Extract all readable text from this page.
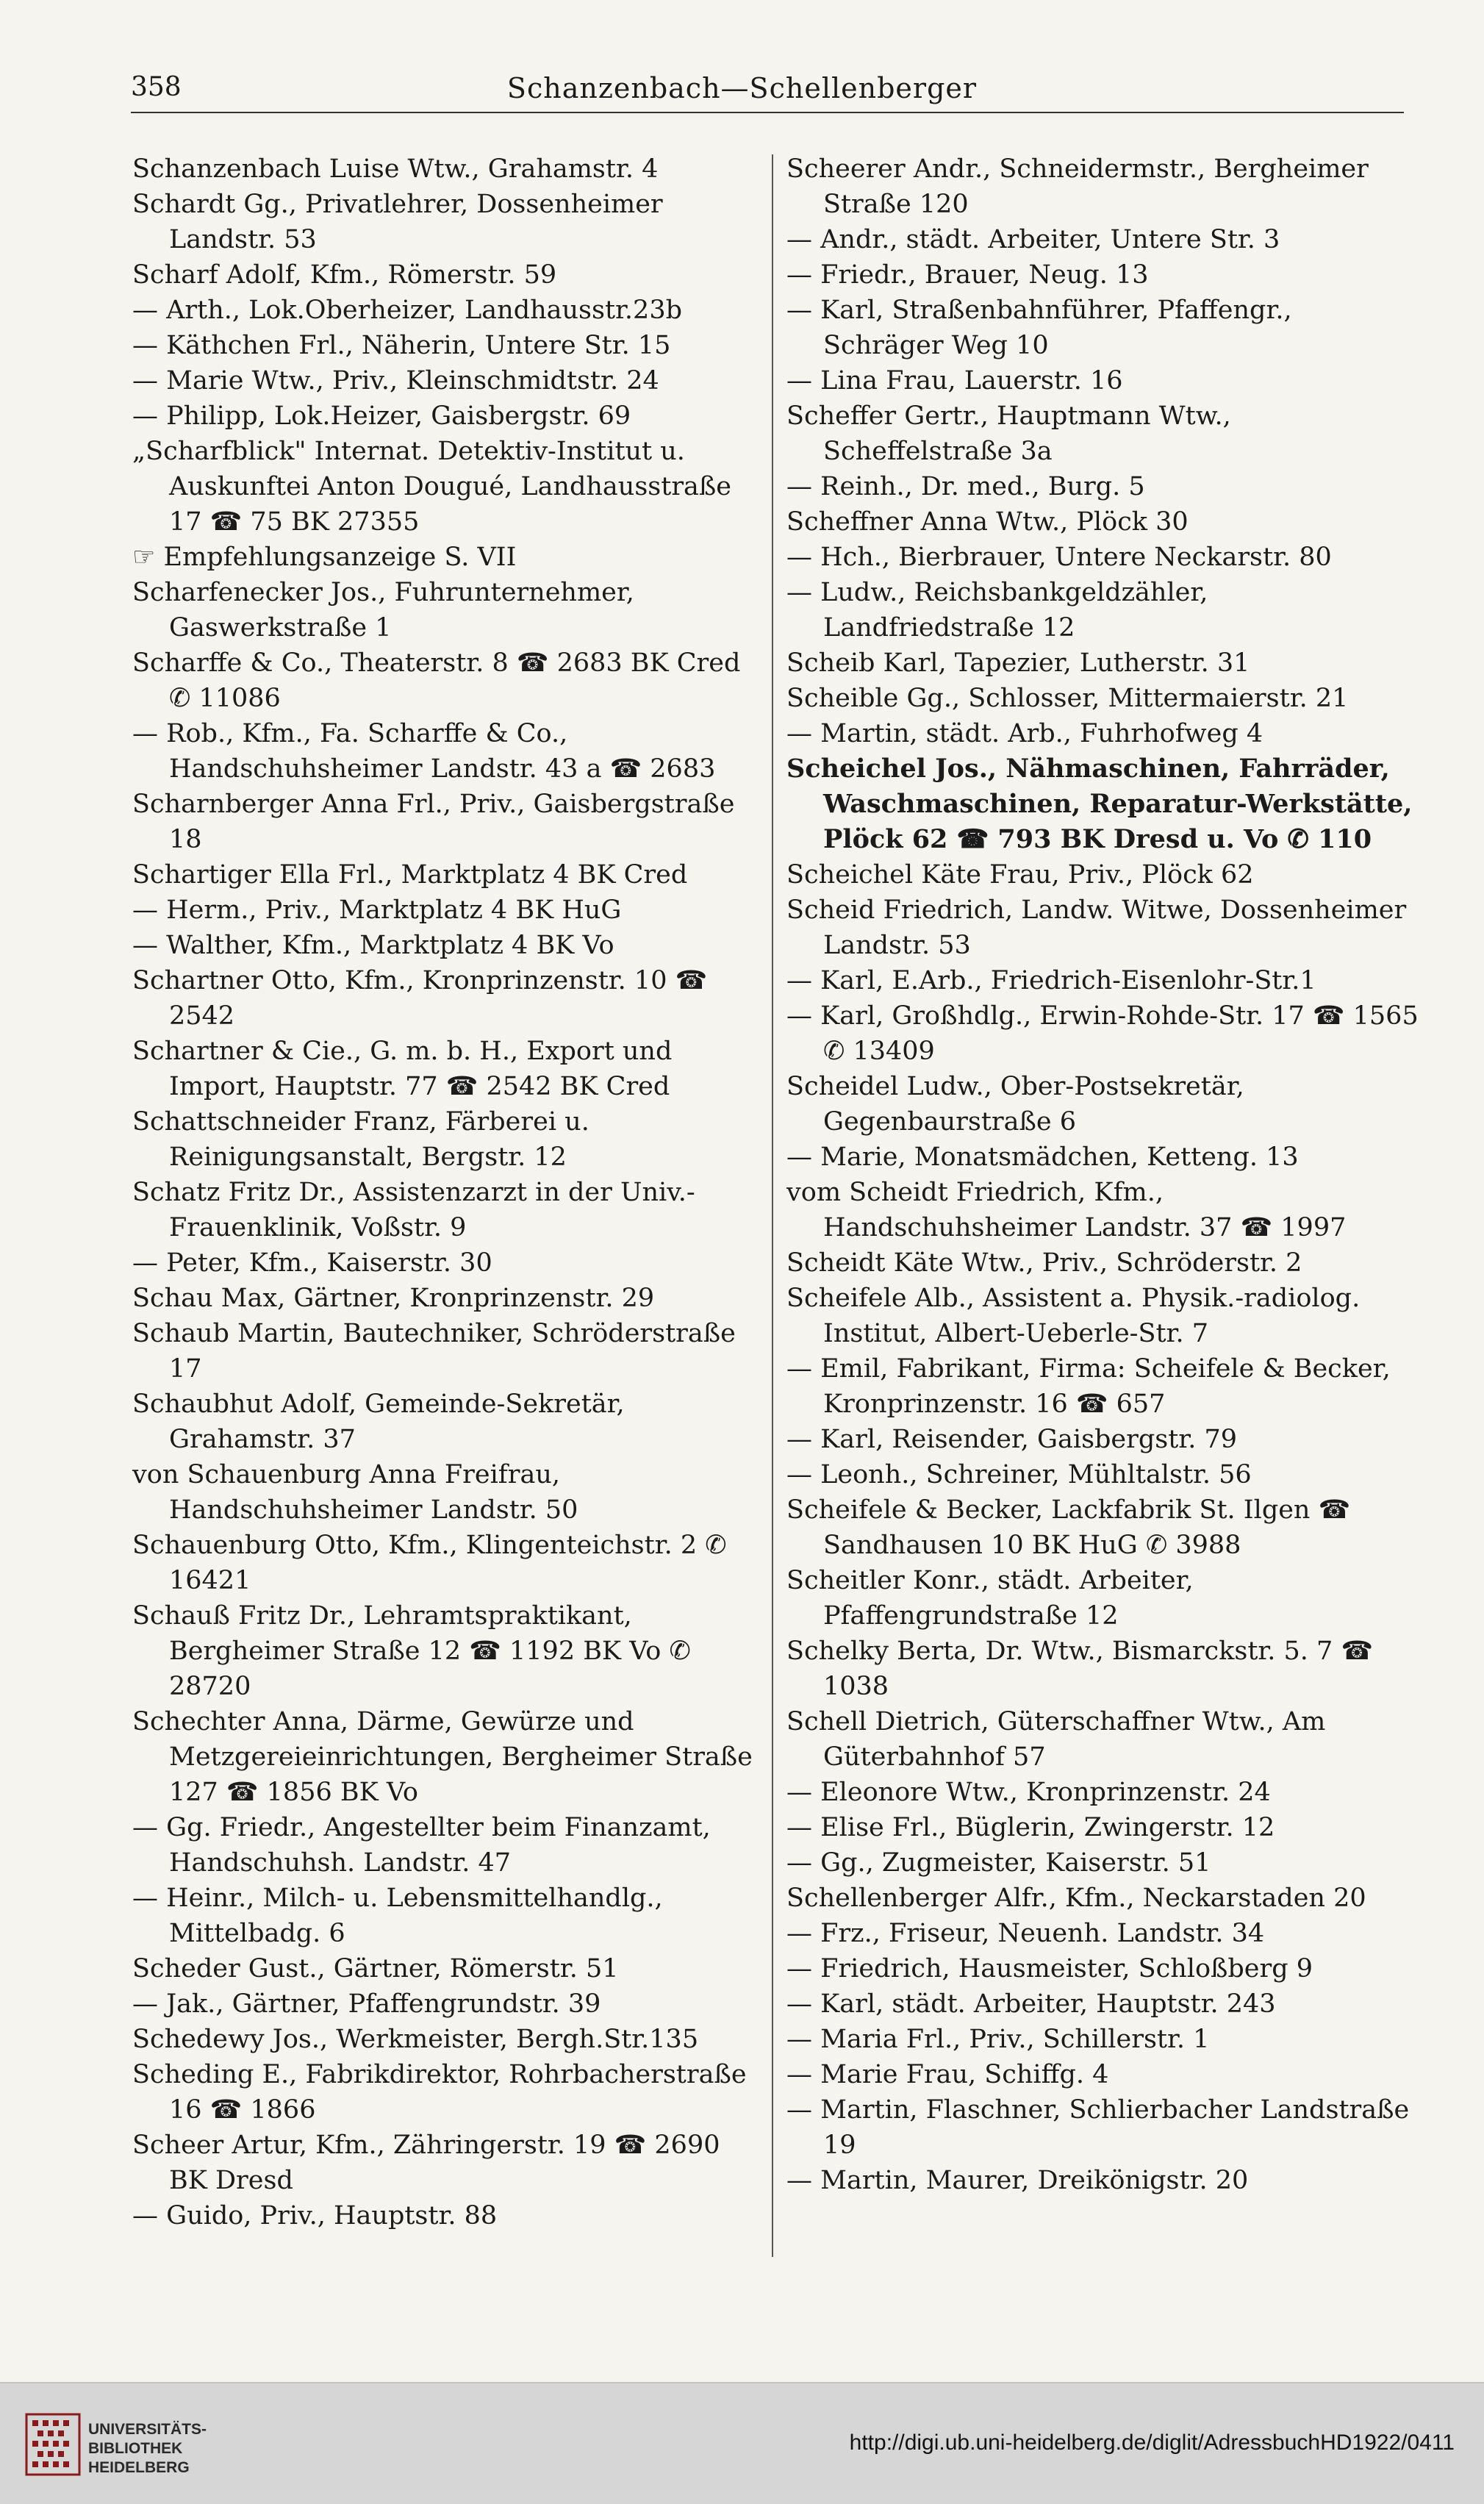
358	Schanzenbach—Schellenberger

Schanzenbach Luise Wtw., Grahamstr. 4

Schardt Gg., Privatlehrer, Dossenheimer Landstr. 53

Scharf Adolf, Kfm., Römerstr. 59

— Arth., Lok.Oberheizer, Landhausstr.23b

— Käthchen Frl., Näherin, Untere Str. 15

— Marie Wtw., Priv., Kleinschmidtstr. 24

— Philipp, Lok.Heizer, Gaisbergstr. 69

„Scharfblick" Internat. Detektiv-Institut u. Auskunftei Anton Dougué, Landhausstraße 17 ☎ 75 BK 27355

☞ Empfehlungsanzeige S. VII

Scharfenecker Jos., Fuhrunternehmer, Gaswerkstraße 1

Scharffe & Co., Theaterstr. 8 ☎ 2683 BK Cred ✆ 11086

— Rob., Kfm., Fa. Scharffe & Co., Handschuhsheimer Landstr. 43 a ☎ 2683

Scharnberger Anna Frl., Priv., Gaisbergstraße 18

Schartiger Ella Frl., Marktplatz 4 BK Cred

— Herm., Priv., Marktplatz 4 BK HuG

— Walther, Kfm., Marktplatz 4 BK Vo

Schartner Otto, Kfm., Kronprinzenstr. 10 ☎ 2542

Schartner & Cie., G. m. b. H., Export und Import, Hauptstr. 77 ☎ 2542 BK Cred

Schattschneider Franz, Färberei u. Reinigungsanstalt, Bergstr. 12

Schatz Fritz Dr., Assistenzarzt in der Univ.-Frauenklinik, Voßstr. 9

— Peter, Kfm., Kaiserstr. 30

Schau Max, Gärtner, Kronprinzenstr. 29

Schaub Martin, Bautechniker, Schröderstraße 17

Schaubhut Adolf, Gemeinde-Sekretär, Grahamstr. 37

von Schauenburg Anna Freifrau, Handschuhsheimer Landstr. 50

Schauenburg Otto, Kfm., Klingenteichstr. 2 ✆ 16421

Schauß Fritz Dr., Lehramtspraktikant, Bergheimer Straße 12 ☎ 1192 BK Vo ✆ 28720

Schechter Anna, Därme, Gewürze und Metzgereieinrichtungen, Bergheimer Straße 127 ☎ 1856 BK Vo

— Gg. Friedr., Angestellter beim Finanzamt, Handschuhsh. Landstr. 47

— Heinr., Milch- u. Lebensmittelhandlg., Mittelbadg. 6

Scheder Gust., Gärtner, Römerstr. 51

— Jak., Gärtner, Pfaffengrundstr. 39

Schedewy Jos., Werkmeister, Bergh.Str.135

Scheding E., Fabrikdirektor, Rohrbacherstraße 16 ☎ 1866

Scheer Artur, Kfm., Zähringerstr. 19 ☎ 2690 BK Dresd

— Guido, Priv., Hauptstr. 88

Scheerer Andr., Schneidermstr., Bergheimer Straße 120

— Andr., städt. Arbeiter, Untere Str. 3

— Friedr., Brauer, Neug. 13

— Karl, Straßenbahnführer, Pfaffengr., Schräger Weg 10

— Lina Frau, Lauerstr. 16

Scheffer Gertr., Hauptmann Wtw., Scheffelstraße 3a

— Reinh., Dr. med., Burg. 5

Scheffner Anna Wtw., Plöck 30

— Hch., Bierbrauer, Untere Neckarstr. 80

— Ludw., Reichsbankgeldzähler, Landfriedstraße 12

Scheib Karl, Tapezier, Lutherstr. 31

Scheible Gg., Schlosser, Mittermaierstr. 21

— Martin, städt. Arb., Fuhrhofweg 4

Scheichel Jos., Nähmaschinen, Fahrräder, Waschmaschinen, Reparatur-Werkstätte, Plöck 62 ☎ 793 BK Dresd u. Vo ✆ 110

Scheichel Käte Frau, Priv., Plöck 62

Scheid Friedrich, Landw. Witwe, Dossenheimer Landstr. 53

— Karl, E.Arb., Friedrich-Eisenlohr-Str.1

— Karl, Großhdlg., Erwin-Rohde-Str. 17 ☎ 1565 ✆ 13409

Scheidel Ludw., Ober-Postsekretär, Gegenbaurstraße 6

— Marie, Monatsmädchen, Ketteng. 13

vom Scheidt Friedrich, Kfm., Handschuhsheimer Landstr. 37 ☎ 1997

Scheidt Käte Wtw., Priv., Schröderstr. 2

Scheifele Alb., Assistent a. Physik.-radiolog. Institut, Albert-Ueberle-Str. 7

— Emil, Fabrikant, Firma: Scheifele & Becker, Kronprinzenstr. 16 ☎ 657

— Karl, Reisender, Gaisbergstr. 79

— Leonh., Schreiner, Mühltalstr. 56

Scheifele & Becker, Lackfabrik St. Ilgen ☎ Sandhausen 10 BK HuG ✆ 3988

Scheitler Konr., städt. Arbeiter, Pfaffengrundstraße 12

Schelky Berta, Dr. Wtw., Bismarckstr. 5. 7 ☎ 1038

Schell Dietrich, Güterschaffner Wtw., Am Güterbahnhof 57

— Eleonore Wtw., Kronprinzenstr. 24

— Elise Frl., Büglerin, Zwingerstr. 12

— Gg., Zugmeister, Kaiserstr. 51

Schellenberger Alfr., Kfm., Neckarstaden 20

— Frz., Friseur, Neuenh. Landstr. 34

— Friedrich, Hausmeister, Schloßberg 9

— Karl, städt. Arbeiter, Hauptstr. 243

— Maria Frl., Priv., Schillerstr. 1

— Marie Frau, Schiffg. 4

— Martin, Flaschner, Schlierbacher Landstraße 19

— Martin, Maurer, Dreikönigstr. 20

UNIVERSITÄTS-
BIBLIOTHEK
HEIDELBERG
http://digi.ub.uni-heidelberg.de/diglit/AdressbuchHD1922/0411
